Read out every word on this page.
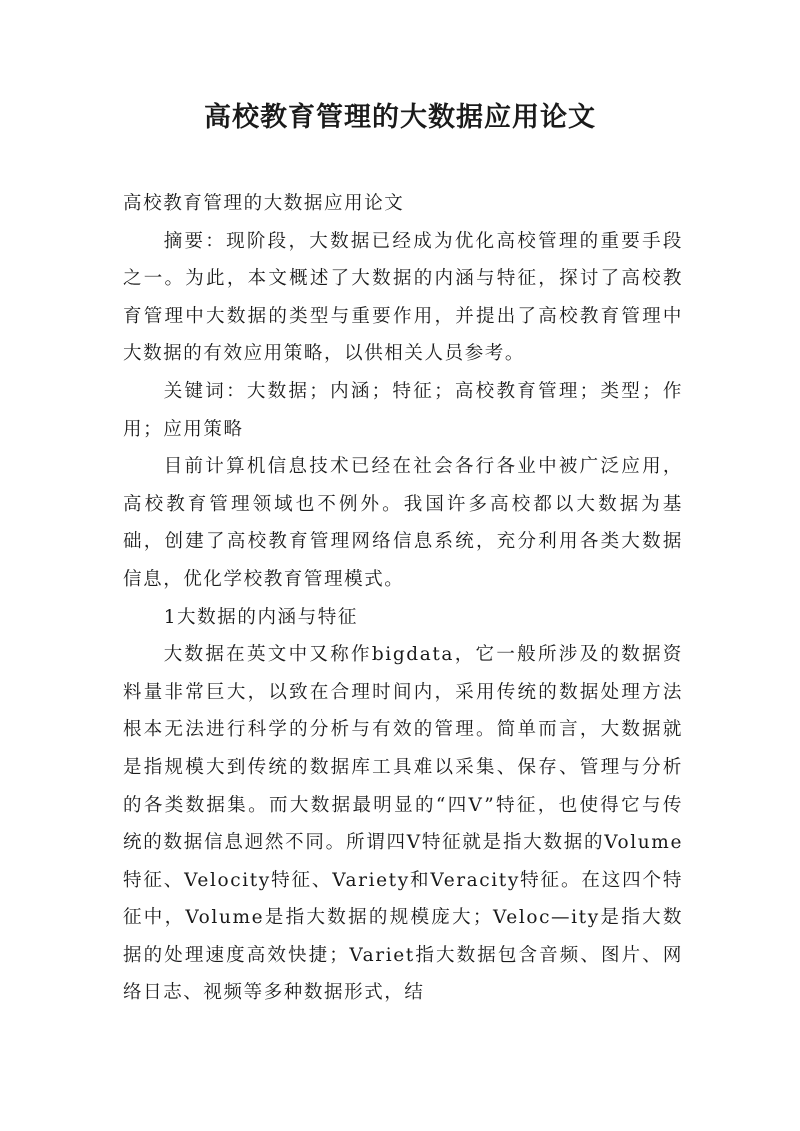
高校教育管理的大数据应用论文

高校教育管理的大数据应用论文

摘要：现阶段，大数据已经成为优化高校管理的重要手段之一。为此，本文概述了大数据的内涵与特征，探讨了高校教育管理中大数据的类型与重要作用，并提出了高校教育管理中大数据的有效应用策略，以供相关人员参考。

关键词：大数据；内涵；特征；高校教育管理；类型；作用；应用策略

目前计算机信息技术已经在社会各行各业中被广泛应用，高校教育管理领域也不例外。我国许多高校都以大数据为基础，创建了高校教育管理网络信息系统，充分利用各类大数据信息，优化学校教育管理模式。

1大数据的内涵与特征

大数据在英文中又称作bigdata，它一般所涉及的数据资料量非常巨大，以致在合理时间内，采用传统的数据处理方法根本无法进行科学的分析与有效的管理。简单而言，大数据就是指规模大到传统的数据库工具难以采集、保存、管理与分析的各类数据集。而大数据最明显的“四V”特征，也使得它与传统的数据信息迥然不同。所谓四V特征就是指大数据的Volume特征、Velocity特征、Variety和Veracity特征。在这四个特征中，Volume是指大数据的规模庞大；Veloc—ity是指大数据的处理速度高效快捷；Variet指大数据包含音频、图片、网络日志、视频等多种数据形式，结
